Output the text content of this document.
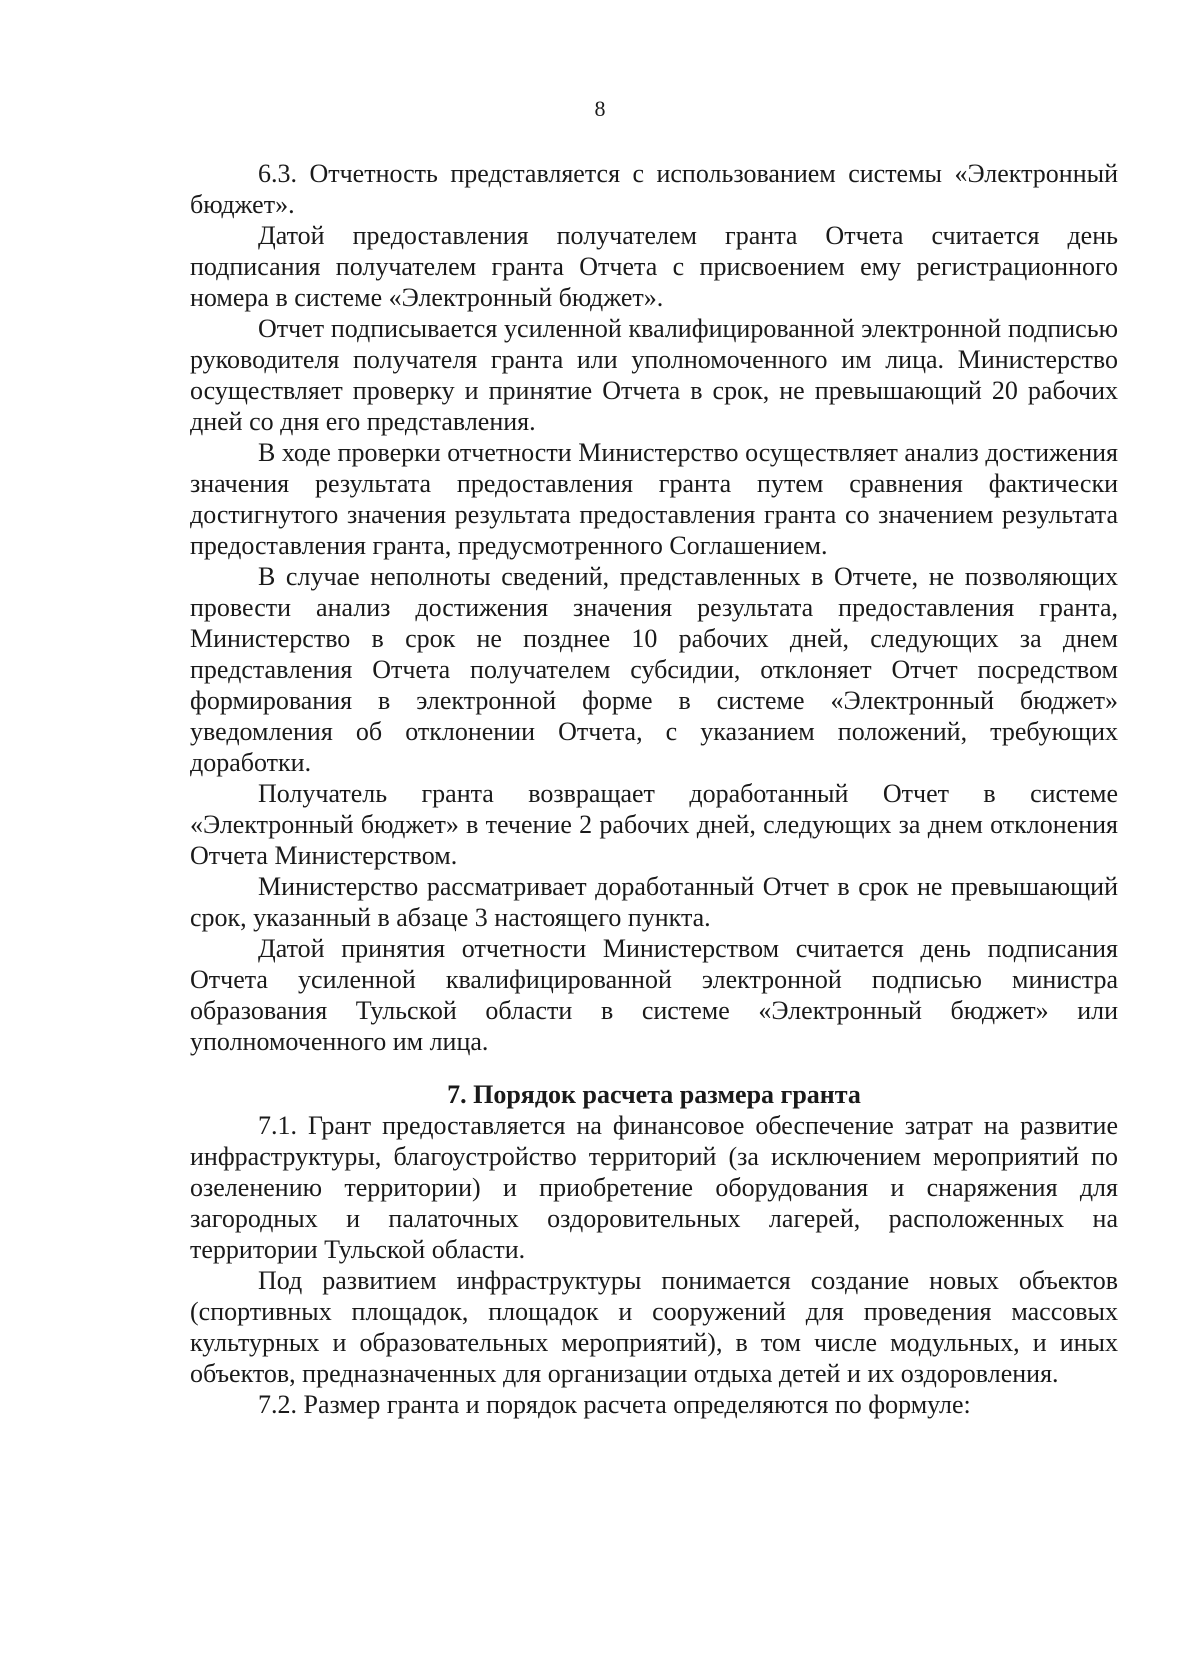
8

6.3. Отчетность представляется с использованием системы «Электронный бюджет».

Датой предоставления получателем гранта Отчета считается день подписания получателем гранта Отчета с присвоением ему регистрационного номера в системе «Электронный бюджет».

Отчет подписывается усиленной квалифицированной электронной подписью руководителя получателя гранта или уполномоченного им лица. Министерство осуществляет проверку и принятие Отчета в срок, не превышающий 20 рабочих дней со дня его представления.

В ходе проверки отчетности Министерство осуществляет анализ достижения значения результата предоставления гранта путем сравнения фактически достигнутого значения результата предоставления гранта со значением результата предоставления гранта, предусмотренного Соглашением.

В случае неполноты сведений, представленных в Отчете, не позволяющих провести анализ достижения значения результата предоставления гранта, Министерство в срок не позднее 10 рабочих дней, следующих за днем представления Отчета получателем субсидии, отклоняет Отчет посредством формирования в электронной форме в системе «Электронный бюджет» уведомления об отклонении Отчета, с указанием положений, требующих доработки.

Получатель гранта возвращает доработанный Отчет в системе «Электронный бюджет» в течение 2 рабочих дней, следующих за днем отклонения Отчета Министерством.

Министерство рассматривает доработанный Отчет в срок не превышающий срок, указанный в абзаце 3 настоящего пункта.

Датой принятия отчетности Министерством считается день подписания Отчета усиленной квалифицированной электронной подписью министра образования Тульской области в системе «Электронный бюджет» или уполномоченного им лица.

7. Порядок расчета размера гранта

7.1. Грант предоставляется на финансовое обеспечение затрат на развитие инфраструктуры, благоустройство территорий (за исключением мероприятий по озеленению территории) и приобретение оборудования и снаряжения для загородных и палаточных оздоровительных лагерей, расположенных на территории Тульской области.

Под развитием инфраструктуры понимается создание новых объектов (спортивных площадок, площадок и сооружений для проведения массовых культурных и образовательных мероприятий), в том числе модульных, и иных объектов, предназначенных для организации отдыха детей и их оздоровления.

7.2. Размер гранта и порядок расчета определяются по формуле:
